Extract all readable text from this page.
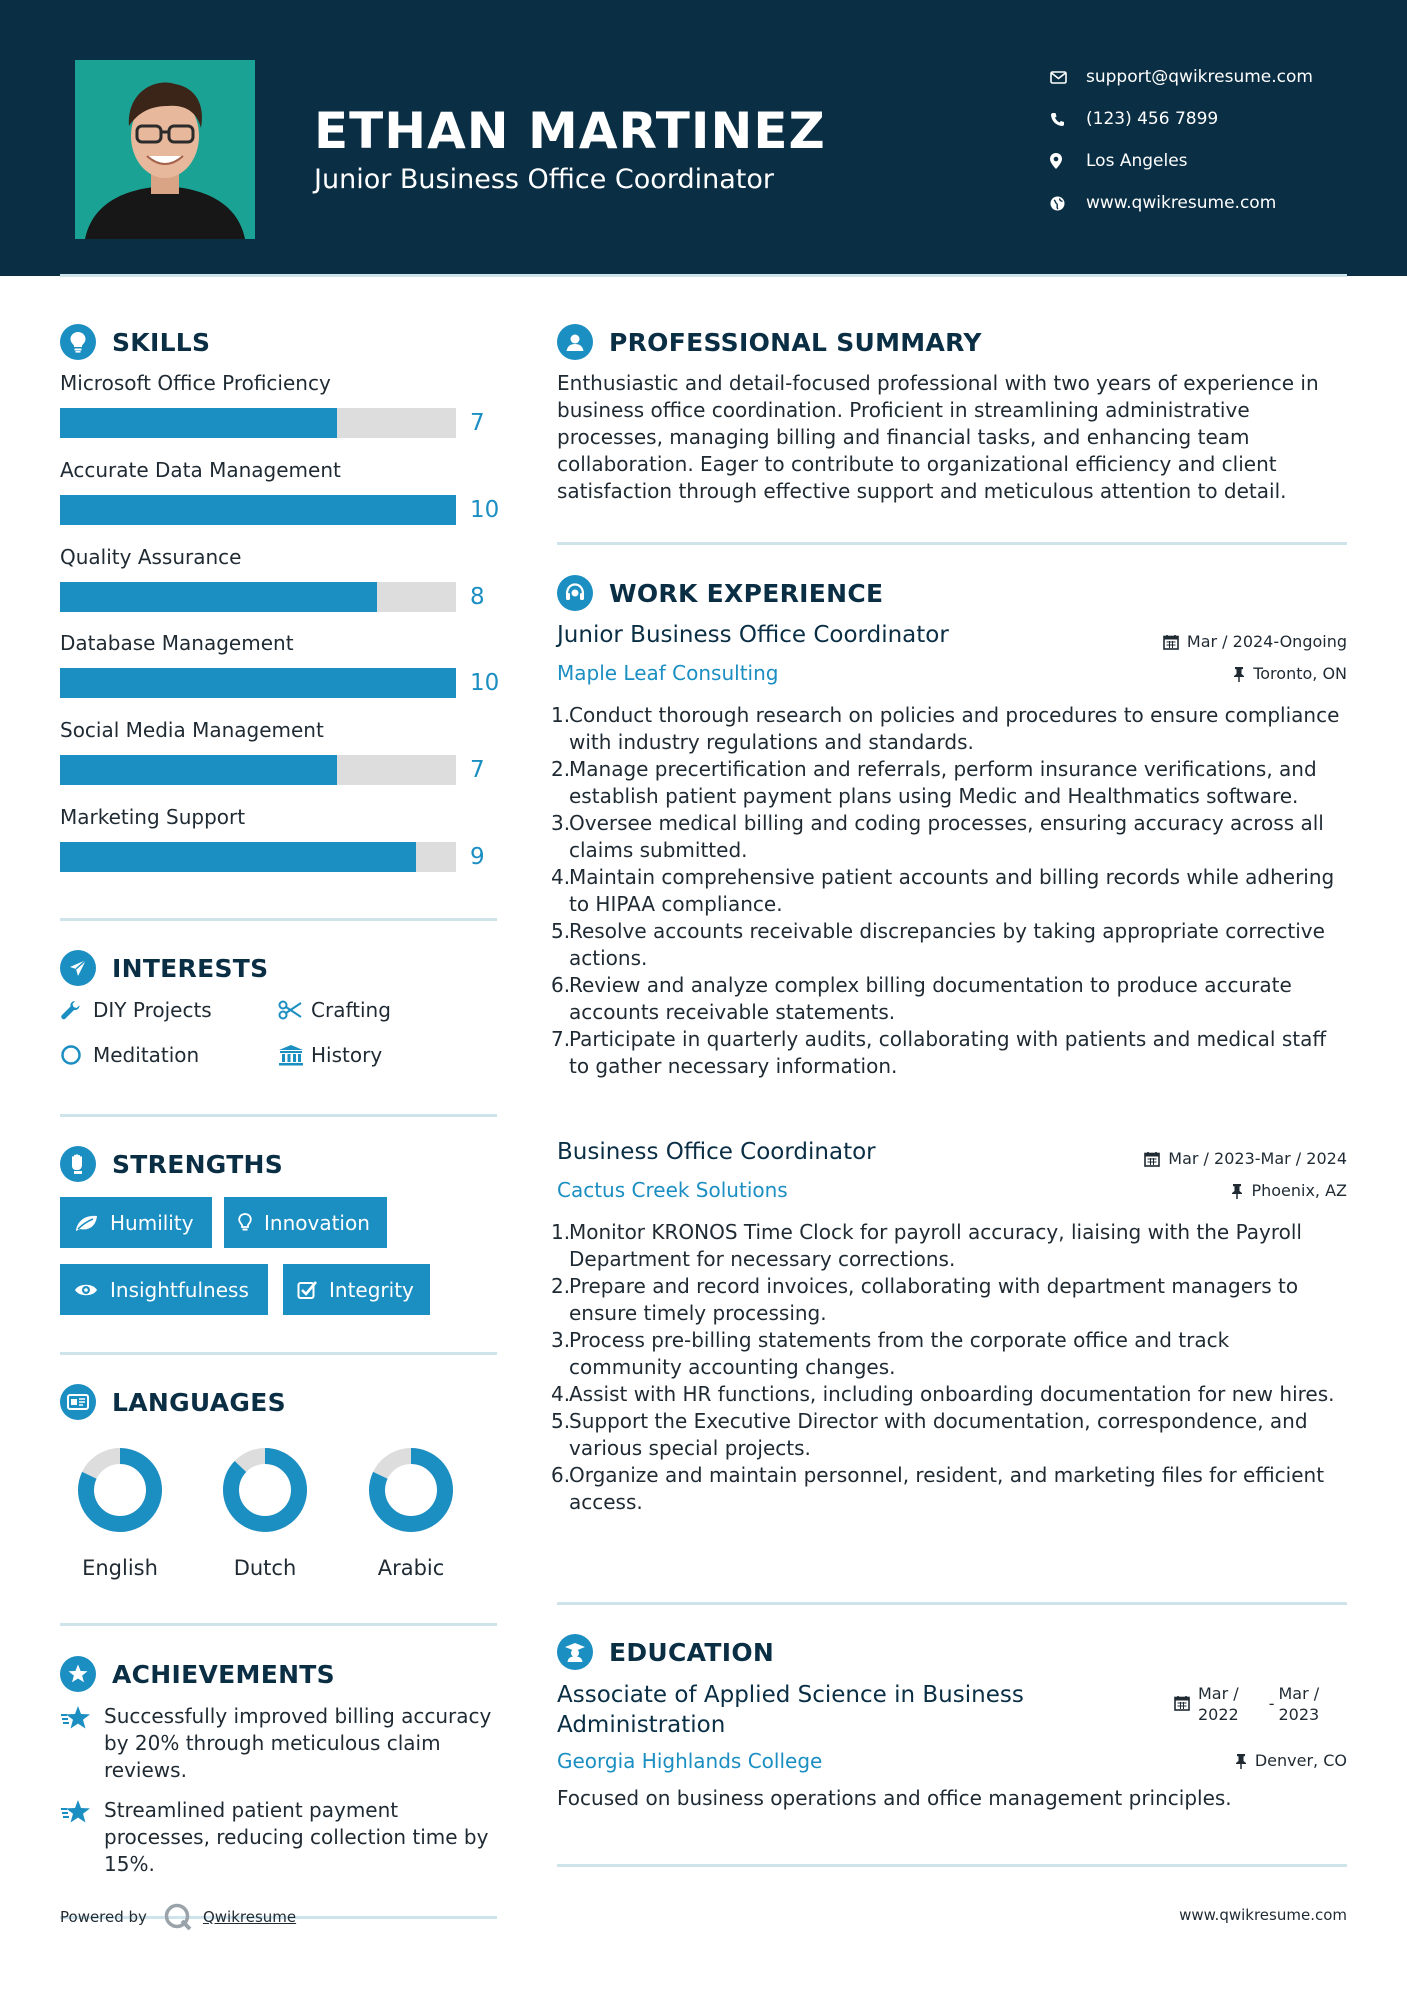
ETHAN MARTINEZ
Junior Business Office Coordinator
support@qwikresume.com
(123) 456 7899
Los Angeles
www.qwikresume.com
SKILLS
Microsoft Office Proficiency
7
Accurate Data Management
10
Quality Assurance
8
Database Management
10
Social Media Management
7
Marketing Support
9
INTERESTS
DIY Projects	Crafting
Meditation	History
STRENGTHS
Humility	Innovation
Insightfulness	Integrity
LANGUAGES
English	Dutch	Arabic
ACHIEVEMENTS
Successfully improved billing accuracy by 20% through meticulous claim reviews.
Streamlined patient payment processes, reducing collection time by 15%.
PROFESSIONAL SUMMARY
Enthusiastic and detail-focused professional with two years of experience in business office coordination. Proficient in streamlining administrative processes, managing billing and financial tasks, and enhancing team collaboration. Eager to contribute to organizational efficiency and client satisfaction through effective support and meticulous attention to detail.
WORK EXPERIENCE
Junior Business Office Coordinator	Mar / 2024-Ongoing
Maple Leaf Consulting	Toronto, ON
1.
Conduct thorough research on policies and procedures to ensure compliance with industry regulations and standards.
2.
Manage precertification and referrals, perform insurance verifications, and establish patient payment plans using Medic and Healthmatics software.
3.
Oversee medical billing and coding processes, ensuring accuracy across all claims submitted.
4.
Maintain comprehensive patient accounts and billing records while adhering to HIPAA compliance.
5.
Resolve accounts receivable discrepancies by taking appropriate corrective actions.
6.
Review and analyze complex billing documentation to produce accurate accounts receivable statements.
7.
Participate in quarterly audits, collaborating with patients and medical staff to gather necessary information.
Business Office Coordinator	Mar / 2023-Mar / 2024
Cactus Creek Solutions	Phoenix, AZ
1.
Monitor KRONOS Time Clock for payroll accuracy, liaising with the Payroll Department for necessary corrections.
2.
Prepare and record invoices, collaborating with department managers to ensure timely processing.
3.
Process pre-billing statements from the corporate office and track community accounting changes.
4.
Assist with HR functions, including onboarding documentation for new hires.
5.
Support the Executive Director with documentation, correspondence, and various special projects.
6.
Organize and maintain personnel, resident, and marketing files for efficient access.
EDUCATION
Associate of Applied Science in Business Administration
Mar /
2022
-
Mar /
2023
Georgia Highlands College	Denver, CO
Focused on business operations and office management principles.
Powered by	Qwikresume	www.qwikresume.com
